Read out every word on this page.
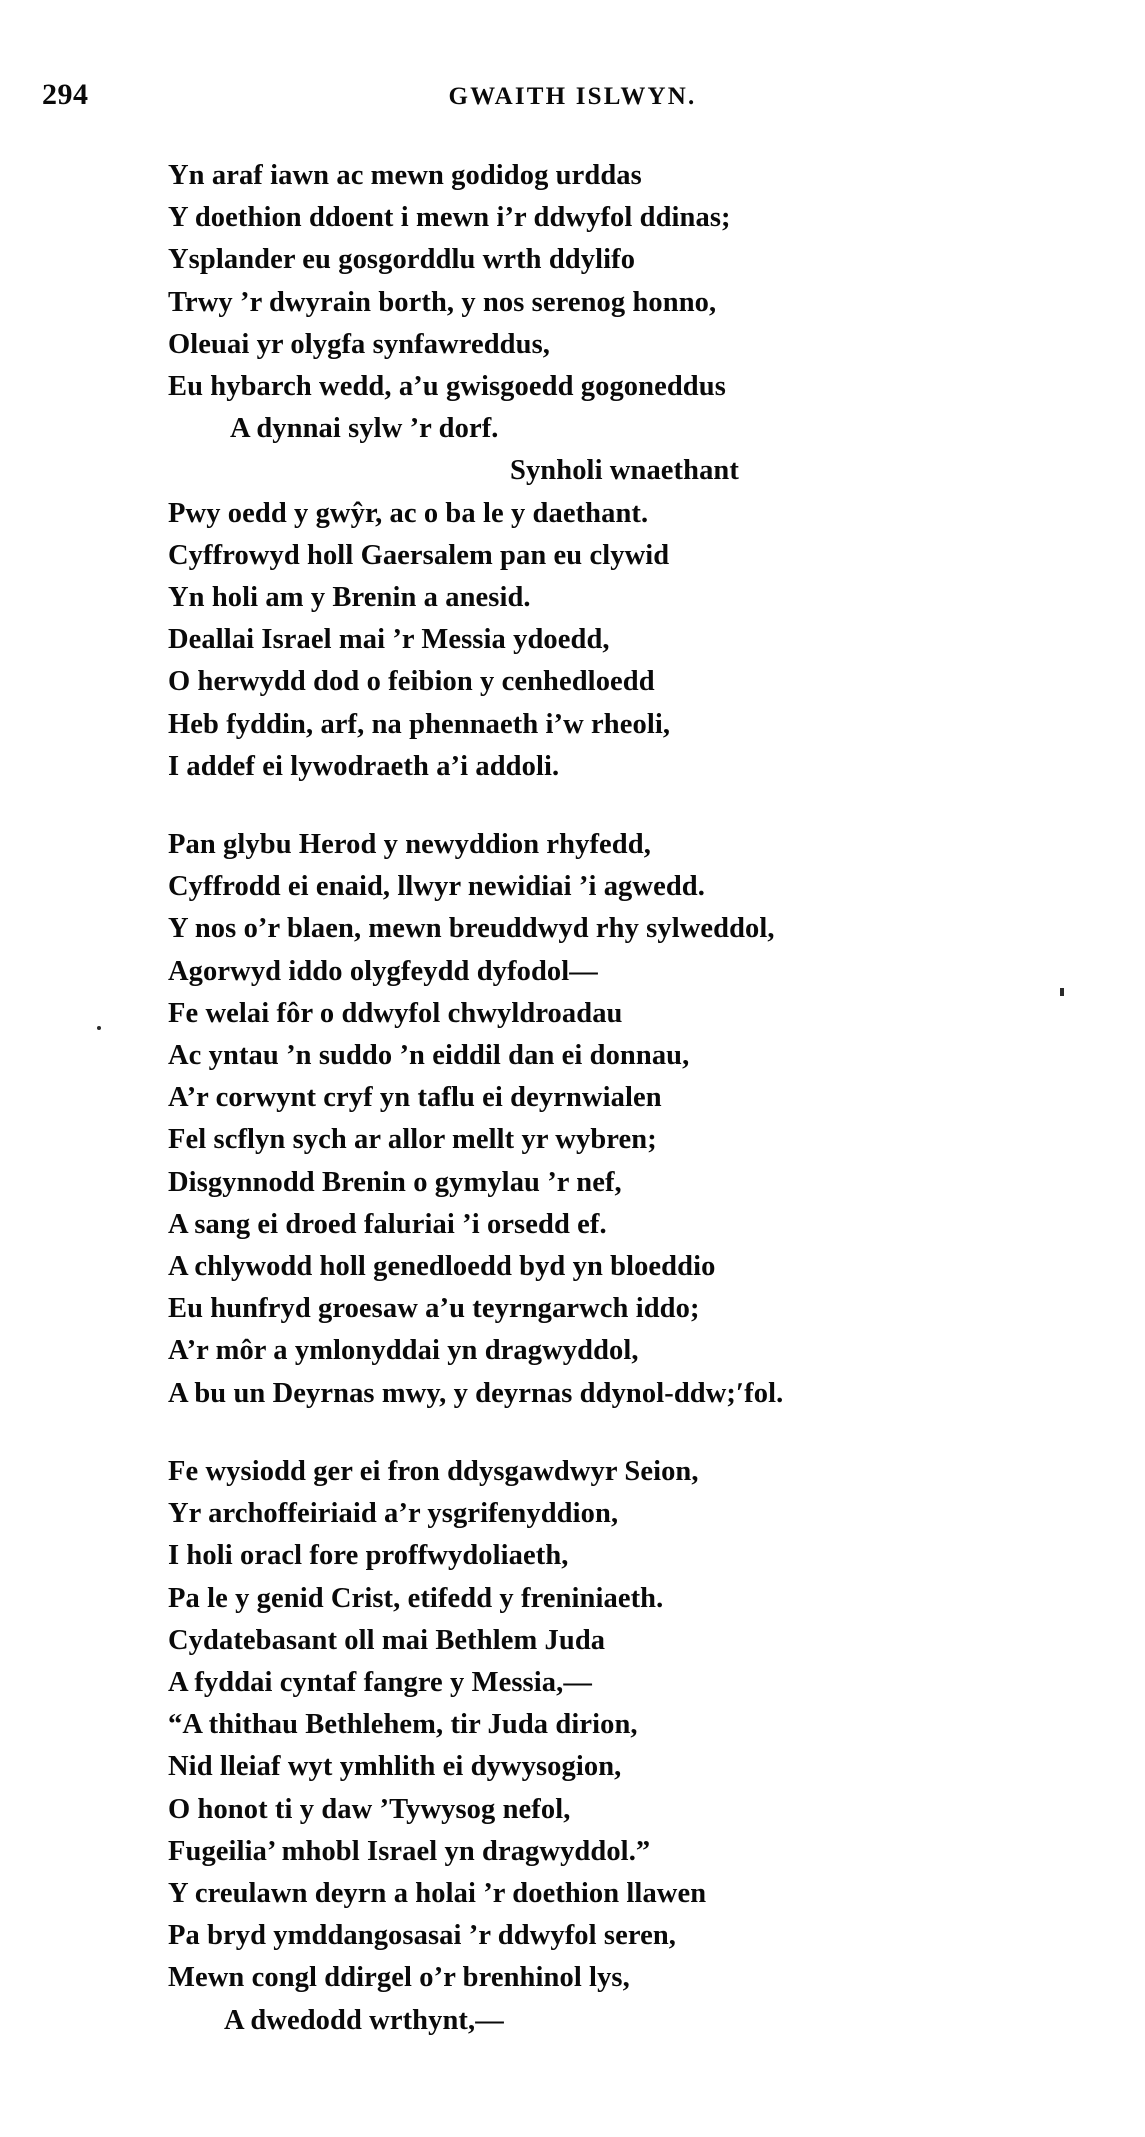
294	GWAITH ISLWYN.
Yn araf iawn ac mewn godidog urddas
Y doethion ddoent i mewn i’r ddwyfol ddinas;
Ysplander eu gosgorddlu wrth ddylifo
Trwy ’r dwyrain borth, y nos serenog honno,
Oleuai yr olygfa synfawreddus,
Eu hybarch wedd, a’u gwisgoedd gogoneddus
A dynnai sylw ’r dorf.
Synholi wnaethant
Pwy oedd y gwŷr, ac o ba le y daethant.
Cyffrowyd holl Gaersalem pan eu clywid
Yn holi am y Brenin a anesid.
Deallai Israel mai ’r Messia ydoedd,
O herwydd dod o feibion y cenhedloedd
Heb fyddin, arf, na phennaeth i’w rheoli,
I addef ei lywodraeth a’i addoli.
Pan glybu Herod y newyddion rhyfedd,
Cyffrodd ei enaid, llwyr newidiai ’i agwedd.
Y nos o’r blaen, mewn breuddwyd rhy sylweddol,
Agorwyd iddo olygfeydd dyfodol—
Fe welai fôr o ddwyfol chwyldroadau
Ac yntau ’n suddo ’n eiddil dan ei donnau,
A’r corwynt cryf yn taflu ei deyrnwialen
Fel scflyn sych ar allor mellt yr wybren;
Disgynnodd Brenin o gymylau ’r nef,
A sang ei droed faluriai ’i orsedd ef.
A chlywodd holl genedloedd byd yn bloeddio
Eu hunfryd groesaw a’u teyrngarwch iddo;
A’r môr a ymlonyddai yn dragwyddol,
A bu un Deyrnas mwy, y deyrnas ddynol-ddw;ʹfol.
Fe wysiodd ger ei fron ddysgawdwyr Seion,
Yr archoffeiriaid a’r ysgrifenyddion,
I holi oracl fore proffwydoliaeth,
Pa le y genid Crist, etifedd y freniniaeth.
Cydatebasant oll mai Bethlem Juda
A fyddai cyntaf fangre y Messia,—
“A thithau Bethlehem, tir Juda dirion,
Nid lleiaf wyt ymhlith ei dywysogion,
O honot ti y daw ’Tywysog nefol,
Fugeilia’ mhobl Israel yn dragwyddol.”
Y creulawn deyrn a holai ’r doethion llawen
Pa bryd ymddangosasai ’r ddwyfol seren,
Mewn congl ddirgel o’r brenhinol lys,
A dwedodd wrthynt,—
